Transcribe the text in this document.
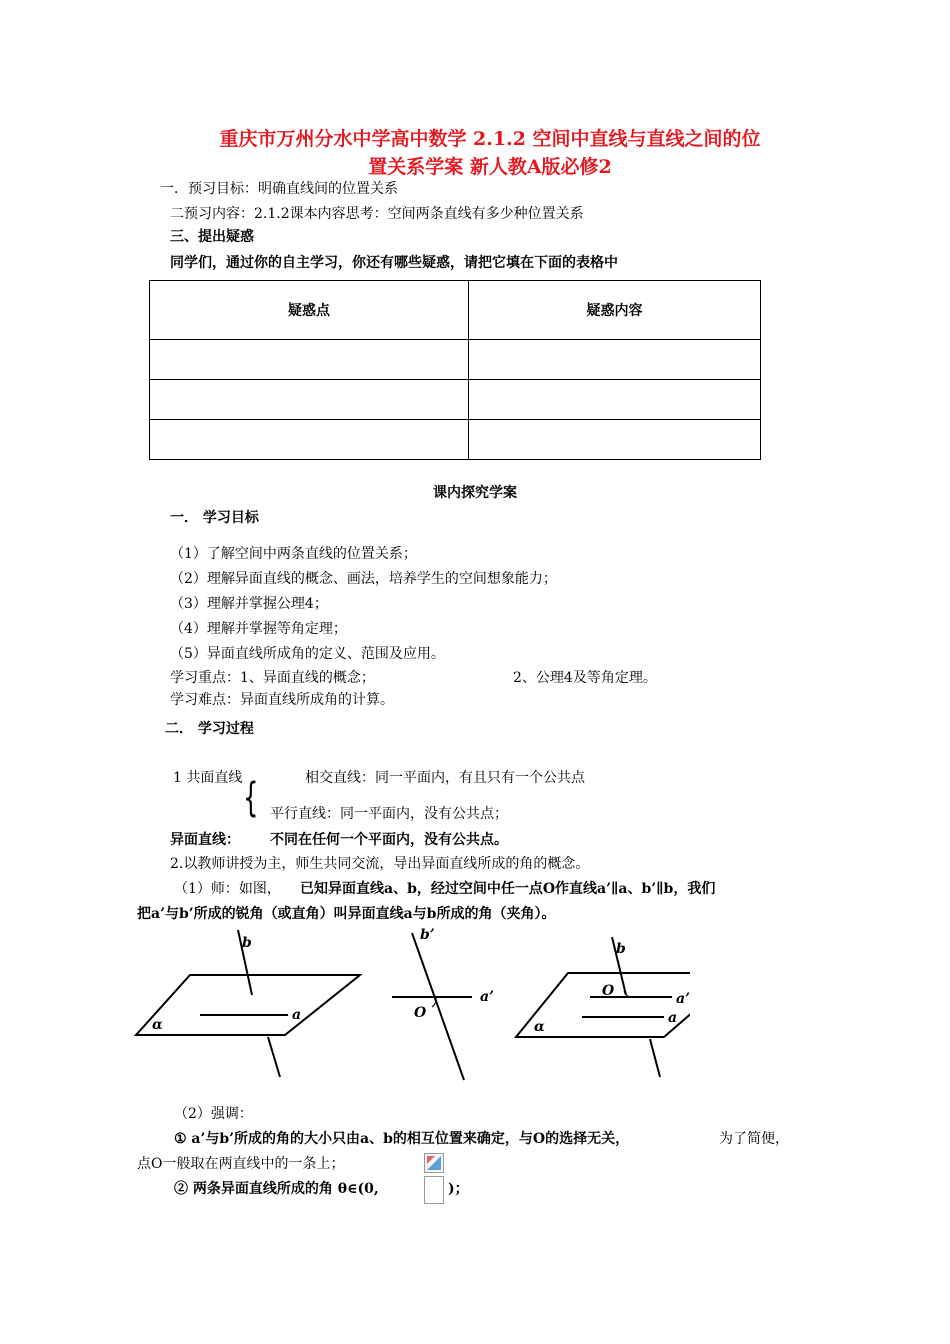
重庆市万州分水中学高中数学 2.1.2 空间中直线与直线之间的位
置关系学案 新人教A版必修2
一．预习目标：明确直线间的位置关系
二预习内容：2.1.2课本内容思考：空间两条直线有多少种位置关系
三、提出疑惑
同学们，通过你的自主学习，你还有哪些疑惑，请把它填在下面的表格中
疑惑点	疑惑内容

课内探究学案
一． 学习目标
（1）了解空间中两条直线的位置关系；
（2）理解异面直线的概念、画法，培养学生的空间想象能力；
（3）理解并掌握公理4；
（4）理解并掌握等角定理；
（5）异面直线所成角的定义、范围及应用。
学习重点：1、异面直线的概念；	2、公理4及等角定理。
学习难点：异面直线所成角的计算。
二． 学习过程
1 共面直线 {	相交直线：同一平面内，有且只有一个公共点
平行直线：同一平面内，没有公共点；
异面直线： 不同在任何一个平面内，没有公共点。
2.以教师讲授为主，师生共同交流，导出异面直线所成的角的概念。
（1）师：如图， 已知异面直线a、b，经过空间中任一点O作直线a’∥a、b’∥b，我们
把a’与b’所成的锐角（或直角）叫异面直线a与b所成的角（夹角）。
b
a
α
b’
a’
O
b
O	a’
a
α
（2）强调：
① a’与b’所成的角的大小只由a、b的相互位置来确定，与O的选择无关，	为了简便，
点O一般取在两直线中的一条上；
② 两条异面直线所成的角 θ∈(0,	)；
